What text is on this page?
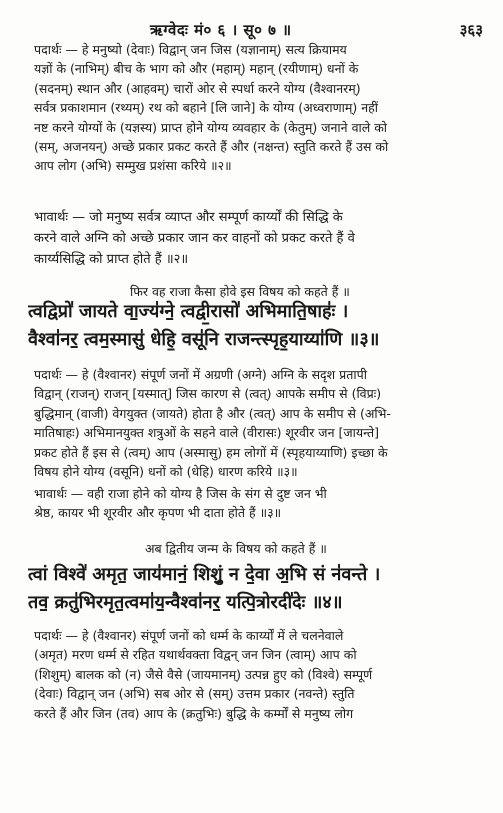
ऋग्वेदः मं० ६ । सू० ७ ॥	३६३
पदार्थः — हे मनुष्यो (देवाः) विद्वान् जन जिस (यज्ञानाम्) सत्य क्रियामय
यज्ञों के (नाभिम्) बीच के भाग को और (महाम्) महान् (रयीणाम्) धनों के
(सदनम्) स्थान और (आहवम्) चारों ओर से स्पर्धा करने योग्य (वैश्वानरम्)
सर्वत्र प्रकाशमान (रथ्यम्) रथ को बहाने [लि जाने] के योग्य (अध्वराणाम्) नहीं
नष्ट करने योग्यों के (यज्ञस्य) प्राप्त होने योग्य व्यवहार के (केतुम्) जनाने वाले को
(सम्, अजनयन्) अच्छे प्रकार प्रकट करते हैं और (नक्षन्त) स्तुति करते हैं उस को
आप लोग (अभि) सम्मुख प्रशंसा करिये ॥२॥
भावार्थः — जो मनुष्य सर्वत्र व्याप्त और सम्पूर्ण कार्य्यों की सिद्धि के
करने वाले अग्नि को अच्छे प्रकार जान कर वाहनों को प्रकट करते हैं वे
कार्य्यसिद्धि को प्राप्त होते हैं ॥२॥
फिर वह राजा कैसा होवे इस विषय को कहते हैं ॥
त्वद्विप्रो॑ जायते वा॒ज्य॑ग्ने॒ त्वद्वी॒रासो॑ अभिमाति॒षाहः॑ ।
वैश्वा॑नर॒ त्वम॒स्मासु॑ धेहि॒ वसू॑नि राजन्त्स्पृह॒याय्या॑णि ॥३॥
पदार्थः — हे (वैश्वानर) संपूर्ण जनों में अग्रणी (अग्ने) अग्नि के सदृश प्रतापी
विद्वान् (राजन्) राजन् [यस्मात्] जिस कारण से (त्वत्) आपके समीप से (विप्रः)
बुद्धिमान् (वाजी) वेगयुक्त (जायते) होता है और (त्वत्) आप के समीप से (अभि-
मातिषाहः) अभिमानयुक्त शत्रुओं के सहने वाले (वीरासः) शूरवीर जन [जायन्ते]
प्रकट होते हैं इस से (त्वम्) आप (अस्मासु) हम लोगों में (स्पृहयाय्याणि) इच्छा के
विषय होने योग्य (वसूनि) धनों को (धेहि) धारण करिये ॥३॥
भावार्थः — वही राजा होने को योग्य है जिस के संग से दुष्ट जन भी
श्रेष्ठ, कायर भी शूरवीर और कृपण भी दाता होते हैं ॥३॥
अब द्वितीय जन्म के विषय को कहते हैं ॥
त्वां विश्वे॑ अमृत॒ जाय॑मानं॒ शिशुं॒ न दे॒वा अ॒भि सं न॑वन्ते ।
तव॒ क्रतु॑भिरमृत॒त्वमा॑य॒न्वैश्वा॑नर॒ यत्पि॒त्रोरदी॑देः ॥४॥
पदार्थः — हे (वैश्वानर) संपूर्ण जनों को धर्म्म के कार्य्यों में ले चलनेवाले
(अमृत) मरण धर्म्म से रहित यथार्थवक्ता विद्वन् जन जिन (त्वाम्) आप को
(शिशुम्) बालक को (न) जैसे वैसे (जायमानम्) उत्पन्न हुए को (विश्वे) सम्पूर्ण
(देवाः) विद्वान् जन (अभि) सब ओर से (सम्) उत्तम प्रकार (नवन्ते) स्तुति
करते हैं और जिन (तव) आप के (क्रतुभिः) बुद्धि के कर्म्मों से मनुष्य लोग
